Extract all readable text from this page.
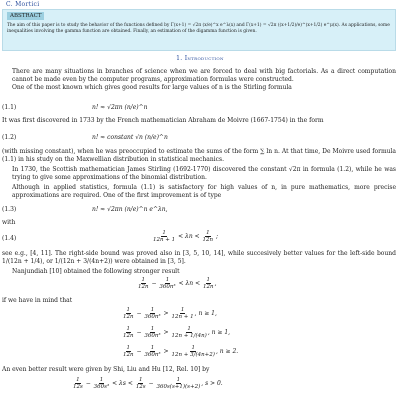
C. Mortici
ABSTRACT
The aim of this paper is to study the behavior of the functions defined by Γ(x+1) = √2π (x/e)^x e^λ(x) and Γ(x+1) = √2π ((x+1/2)/e)^(x+1/2) e^μ(x). As applications, some inequalities involving the gamma function are obtained. Finally, an estimation of the digamma function is given.
1. Introduction
There are many situations in branches of science when we are forced to deal with big factorials. As a direct computation cannot be made even by the computer programs, approximation formulas were constructed.
One of the most known which gives good results for large values of n is the Stirling formula
(1.1)	n! ≈ √2πn (n/e)^n
It was first discovered in 1733 by the French mathematician Abraham de Moivre (1667-1754) in the form
(1.2)	n! ≈ constant √n (n/e)^n
(with missing constant), when he was preoccupied to estimate the sums of the form ∑ ln n. At that time, De Moivre used formula (1.1) in his study on the Maxwellian distribution in statistical mechanics.
In 1730, the Scottish mathematician James Stirling (1692-1770) discovered the constant √2π in formula (1.2), while he was trying to give some approximations of the binomial distribution.
Although in applied statistics, formula (1.1) is satisfactory for high values of n, in pure mathematics, more precise approximations are required. One of the first improvement is of type
(1.3)	n! ≈ √2πn (n/e)^n e^λn,
with
(1.4)	$\frac{1}{12n + 1} < \lambda n < \frac{1}{12n}$ ;
see e.g., [4, 11]. The right-side bound was proved also in [3, 5, 10, 14], while succesively better values for the left-side bound 1/(12n + 1/4), or 1/(12n + 3/(4n+2)) were obtained in [3, 5].
Nanjundiah [10] obtained the following stronger result
$\frac{1}{12n} - \frac{1}{\text{360n³}} < \lambda n < \frac{1}{12n}$ ,
if we have in mind that
$\frac{1}{12n} - \frac{1}{\text{360n³}} > \frac{1}{12n + 1}$ , n ≥ 1,
$\frac{1}{12n} - \frac{1}{\text{360n³}} > \frac{1}{12n + 1/(4n)}$ , n ≥ 1,
$\frac{1}{12n} - \frac{1}{\text{360n³}} > \frac{1}{12n + 3/(4n+2)}$ , n ≥ 2.
An even better result were given by Shi, Liu and Hu [12, Rel. 10] by
$\frac{1}{12s} - \frac{1}{\text{360s³}} < \lambda s < \frac{1}{12s} - \frac{1}{360s(s+1)(s+2)}$ , s > 0.
